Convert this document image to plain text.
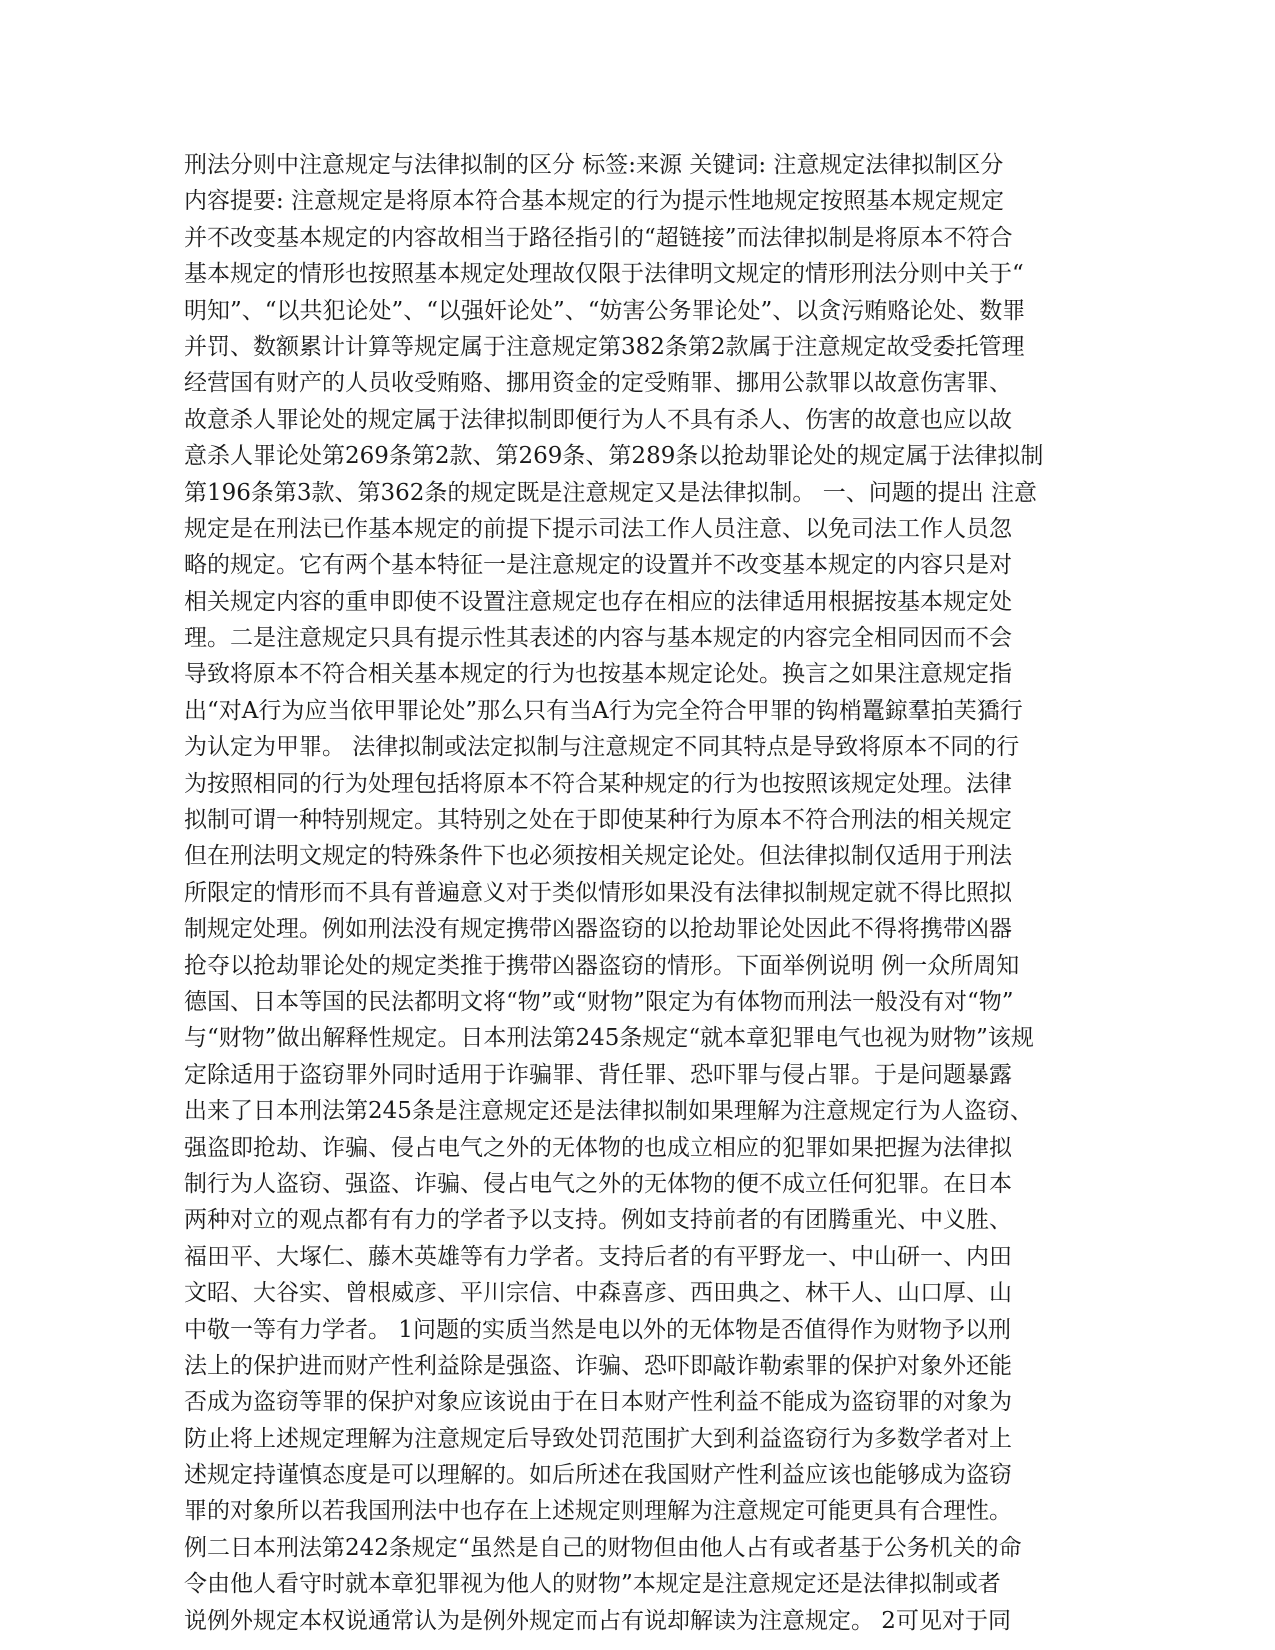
刑法分则中注意规定与法律拟制的区分 标签:来源 关键词: 注意规定法律拟制区分
内容提要: 注意规定是将原本符合基本规定的行为提示性地规定按照基本规定规定
并不改变基本规定的内容故相当于路径指引的“超链接”而法律拟制是将原本不符合
基本规定的情形也按照基本规定处理故仅限于法律明文规定的情形刑法分则中关于“
明知”、“以共犯论处”、“以强奸论处”、“妨害公务罪论处”、以贪污贿赂论处、数罪
并罚、数额累计计算等规定属于注意规定第382条第2款属于注意规定故受委托管理
经营国有财产的人员收受贿赂、挪用资金的定受贿罪、挪用公款罪以故意伤害罪、
故意杀人罪论处的规定属于法律拟制即便行为人不具有杀人、伤害的故意也应以故
意杀人罪论处第269条第2款、第269条、第289条以抢劫罪论处的规定属于法律拟制
第196条第3款、第362条的规定既是注意规定又是法律拟制。 一、问题的提出 注意
规定是在刑法已作基本规定的前提下提示司法工作人员注意、以免司法工作人员忽
略的规定。它有两个基本特征一是注意规定的设置并不改变基本规定的内容只是对
相关规定内容的重申即使不设置注意规定也存在相应的法律适用根据按基本规定处
理。二是注意规定只具有提示性其表述的内容与基本规定的内容完全相同因而不会
导致将原本不符合相关基本规定的行为也按基本规定论处。换言之如果注意规定指
出“对A行为应当依甲罪论处”那么只有当A行为完全符合甲罪的钩梢鼍鍄羣拍芙獢行
为认定为甲罪。 法律拟制或法定拟制与注意规定不同其特点是导致将原本不同的行
为按照相同的行为处理包括将原本不符合某种规定的行为也按照该规定处理。法律
拟制可谓一种特别规定。其特别之处在于即使某种行为原本不符合刑法的相关规定
但在刑法明文规定的特殊条件下也必须按相关规定论处。但法律拟制仅适用于刑法
所限定的情形而不具有普遍意义对于类似情形如果没有法律拟制规定就不得比照拟
制规定处理。例如刑法没有规定携带凶器盗窃的以抢劫罪论处因此不得将携带凶器
抢夺以抢劫罪论处的规定类推于携带凶器盗窃的情形。下面举例说明 例一众所周知
德国、日本等国的民法都明文将“物”或“财物”限定为有体物而刑法一般没有对“物”
与“财物”做出解释性规定。日本刑法第245条规定“就本章犯罪电气也视为财物”该规
定除适用于盗窃罪外同时适用于诈骗罪、背任罪、恐吓罪与侵占罪。于是问题暴露
出来了日本刑法第245条是注意规定还是法律拟制如果理解为注意规定行为人盗窃、
强盗即抢劫、诈骗、侵占电气之外的无体物的也成立相应的犯罪如果把握为法律拟
制行为人盗窃、强盗、诈骗、侵占电气之外的无体物的便不成立任何犯罪。在日本
两种对立的观点都有有力的学者予以支持。例如支持前者的有团腾重光、中义胜、
福田平、大塚仁、藤木英雄等有力学者。支持后者的有平野龙一、中山研一、内田
文昭、大谷实、曾根威彦、平川宗信、中森喜彦、西田典之、林干人、山口厚、山
中敬一等有力学者。 1问题的实质当然是电以外的无体物是否值得作为财物予以刑
法上的保护进而财产性利益除是强盗、诈骗、恐吓即敲诈勒索罪的保护对象外还能
否成为盗窃等罪的保护对象应该说由于在日本财产性利益不能成为盗窃罪的对象为
防止将上述规定理解为注意规定后导致处罚范围扩大到利益盗窃行为多数学者对上
述规定持谨慎态度是可以理解的。如后所述在我国财产性利益应该也能够成为盗窃
罪的对象所以若我国刑法中也存在上述规定则理解为注意规定可能更具有合理性。
例二日本刑法第242条规定“虽然是自己的财物但由他人占有或者基于公务机关的命
令由他人看守时就本章犯罪视为他人的财物”本规定是注意规定还是法律拟制或者
说例外规定本权说通常认为是例外规定而占有说却解读为注意规定。 2可见对于同
